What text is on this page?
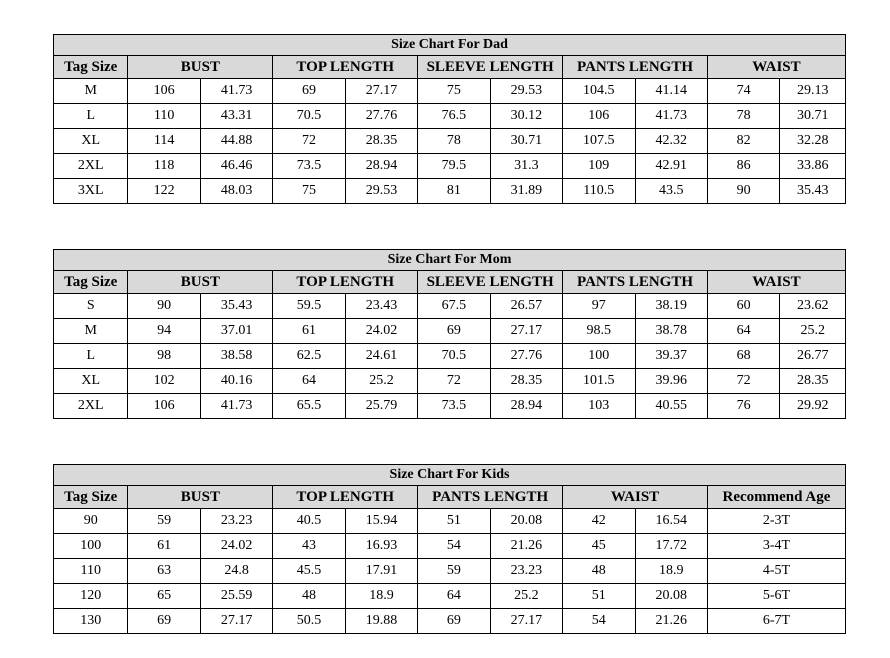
Size Chart For Dad										
Tag Size	BUST		TOP LENGTH		SLEEVE LENGTH		PANTS LENGTH		WAIST	
M	106	41.73	69	27.17	75	29.53	104.5	41.14	74	29.13
L	110	43.31	70.5	27.76	76.5	30.12	106	41.73	78	30.71
XL	114	44.88	72	28.35	78	30.71	107.5	42.32	82	32.28
2XL	118	46.46	73.5	28.94	79.5	31.3	109	42.91	86	33.86
3XL	122	48.03	75	29.53	81	31.89	110.5	43.5	90	35.43
Size Chart For Mom										
Tag Size	BUST		TOP LENGTH		SLEEVE LENGTH		PANTS LENGTH		WAIST	
S	90	35.43	59.5	23.43	67.5	26.57	97	38.19	60	23.62
M	94	37.01	61	24.02	69	27.17	98.5	38.78	64	25.2
L	98	38.58	62.5	24.61	70.5	27.76	100	39.37	68	26.77
XL	102	40.16	64	25.2	72	28.35	101.5	39.96	72	28.35
2XL	106	41.73	65.5	25.79	73.5	28.94	103	40.55	76	29.92
Size Chart For Kids									
Tag Size	BUST		TOP LENGTH		PANTS LENGTH		WAIST		Recommend Age
90	59	23.23	40.5	15.94	51	20.08	42	16.54	2-3T
100	61	24.02	43	16.93	54	21.26	45	17.72	3-4T
110	63	24.8	45.5	17.91	59	23.23	48	18.9	4-5T
120	65	25.59	48	18.9	64	25.2	51	20.08	5-6T
130	69	27.17	50.5	19.88	69	27.17	54	21.26	6-7T
